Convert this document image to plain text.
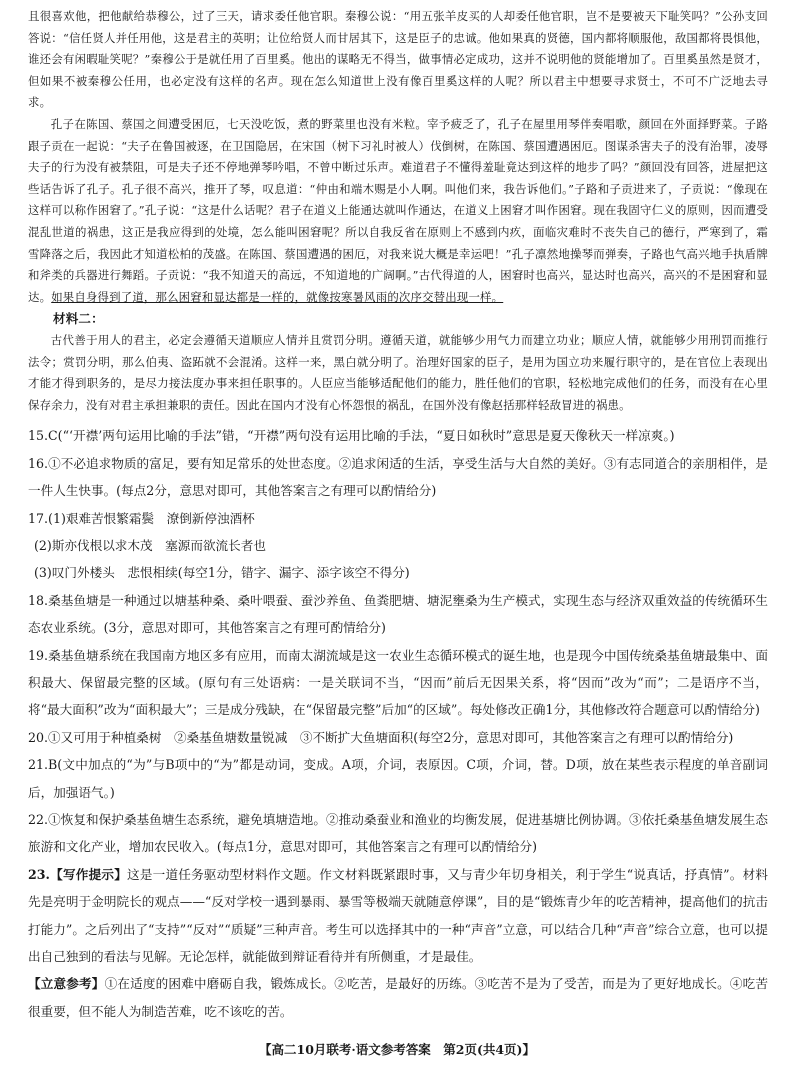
且很喜欢他，把他献给恭穆公，过了三天，请求委任他官职。秦穆公说：“用五张羊皮买的人却委任他官职，岂不是要被天下耻笑吗？”公孙支回答说：“信任贤人并任用他，这是君主的英明；让位给贤人而甘居其下，这是臣子的忠诚。他如果真的贤德，国内都将顺服他，敌国都将畏惧他，谁还会有闲暇耻笑呢？”秦穆公于是就任用了百里奚。他出的谋略无不得当，做事情必定成功，这并不说明他的贤能增加了。百里奚虽然是贤才，但如果不被秦穆公任用，也必定没有这样的名声。现在怎么知道世上没有像百里奚这样的人呢？所以君主中想要寻求贤士，不可不广泛地去寻求。

孔子在陈国、蔡国之间遭受困厄，七天没吃饭，煮的野菜里也没有米粒。宰予疲乏了，孔子在屋里用琴伴奏唱歌，颜回在外面择野菜。子路跟子贡在一起说：“夫子在鲁国被逐，在卫国隐居，在宋国（树下习礼时被人）伐倒树，在陈国、蔡国遭遇困厄。图谋杀害夫子的没有治罪，凌辱夫子的行为没有被禁阻，可是夫子还不停地弹琴吟唱，不曾中断过乐声。难道君子不懂得羞耻竟达到这样的地步了吗？”颜回没有回答，进屋把这些话告诉了孔子。孔子很不高兴，推开了琴，叹息道：“仲由和端木赐是小人啊。叫他们来，我告诉他们。”子路和子贡进来了，子贡说：“像现在这样可以称作困窘了。”孔子说：“这是什么话呢？君子在道义上能通达就叫作通达，在道义上困窘才叫作困窘。现在我固守仁义的原则，因而遭受混乱世道的祸患，这正是我应得到的处境，怎么能叫困窘呢？所以自我反省在原则上不感到内疚，面临灾难时不丧失自己的德行，严寒到了，霜雪降落之后，我因此才知道松柏的茂盛。在陈国、蔡国遭遇的困厄，对我来说大概是幸运吧！”孔子凛然地操琴而弹奏，子路也气高兴地手执盾牌和斧类的兵器进行舞蹈。子贡说：“我不知道天的高远，不知道地的广阔啊。”古代得道的人，困窘时也高兴，显达时也高兴，高兴的不是困窘和显达。如果自身得到了道，那么困窘和显达都是一样的，就像按寒暑风雨的次序交替出现一样。

材料二：

古代善于用人的君主，必定会遵循天道顺应人情并且赏罚分明。遵循天道，就能够少用气力而建立功业；顺应人情，就能够少用刑罚而推行法令；赏罚分明，那么伯夷、盗跖就不会混淆。这样一来，黑白就分明了。治理好国家的臣子，是用为国立功来履行职守的，是在官位上表现出才能才得到职务的，是尽力接法度办事来担任职事的。人臣应当能够适配他们的能力，胜任他们的官职，轻松地完成他们的任务，而没有在心里保存余力，没有对君主承担兼职的责任。因此在国内才没有心怀怨恨的祸乱，在国外没有像赵括那样轻敌冒进的祸患。

15.C(“‘开襟’两句运用比喻的手法”错，“开襟”两句没有运用比喻的手法，“夏日如秋时”意思是夏天像秋天一样凉爽。)

16.①不必追求物质的富足，要有知足常乐的处世态度。②追求闲适的生活，享受生活与大自然的美好。③有志同道合的亲朋相伴，是一件人生快事。(每点2分，意思对即可，其他答案言之有理可以酌情给分)

17.(1)艰难苦恨繁霜鬓　潦倒新停浊酒杯

(2)斯亦伐根以求木茂　塞源而欲流长者也

(3)叹门外楼头　悲恨相续(每空1分，错字、漏字、添字该空不得分)

18.桑基鱼塘是一种通过以塘基种桑、桑叶喂蚕、蚕沙养鱼、鱼粪肥塘、塘泥壅桑为生产模式，实现生态与经济双重效益的传统循环生态农业系统。(3分，意思对即可，其他答案言之有理可酌情给分)

19.桑基鱼塘系统在我国南方地区多有应用，而南太湖流域是这一农业生态循环模式的诞生地，也是现今中国传统桑基鱼塘最集中、面积最大、保留最完整的区域。(原句有三处语病：一是关联词不当，“因而”前后无因果关系，将“因而”改为“而”；二是语序不当，将“最大面积”改为“面积最大”；三是成分残缺，在“保留最完整”后加“的区域”。每处修改正确1分，其他修改符合题意可以酌情给分)

20.①又可用于种植桑树　②桑基鱼塘数量锐减　③不断扩大鱼塘面积(每空2分，意思对即可，其他答案言之有理可以酌情给分)

21.B(文中加点的“为”与B项中的“为”都是动词，变成。A项，介词，表原因。C项，介词，替。D项，放在某些表示程度的单音副词后，加强语气。)

22.①恢复和保护桑基鱼塘生态系统，避免填塘造地。②推动桑蚕业和渔业的均衡发展，促进基塘比例协调。③依托桑基鱼塘发展生态旅游和文化产业，增加农民收入。(每点1分，意思对即可，其他答案言之有理可以酌情给分)

23.【写作提示】这是一道任务驱动型材料作文题。作文材料既紧跟时事，又与青少年切身相关，利于学生“说真话，抒真情”。材料先是亮明于金明院长的观点——“反对学校一遇到暴雨、暴雪等极端天就随意停课”，目的是“锻炼青少年的吃苦精神，提高他们的抗击打能力”。之后列出了“支持”“反对”“质疑”三种声音。考生可以选择其中的一种“声音”立意，可以结合几种“声音”综合立意，也可以提出自己独到的看法与见解。无论怎样，就能做到辩证看待并有所侧重，才是最佳。

【立意参考】①在适度的困难中磨砺自我，锻炼成长。②吃苦，是最好的历练。③吃苦不是为了受苦，而是为了更好地成长。④吃苦很重要，但不能人为制造苦难，吃不该吃的苦。

【高二10月联考·语文参考答案　第2页(共4页)】
